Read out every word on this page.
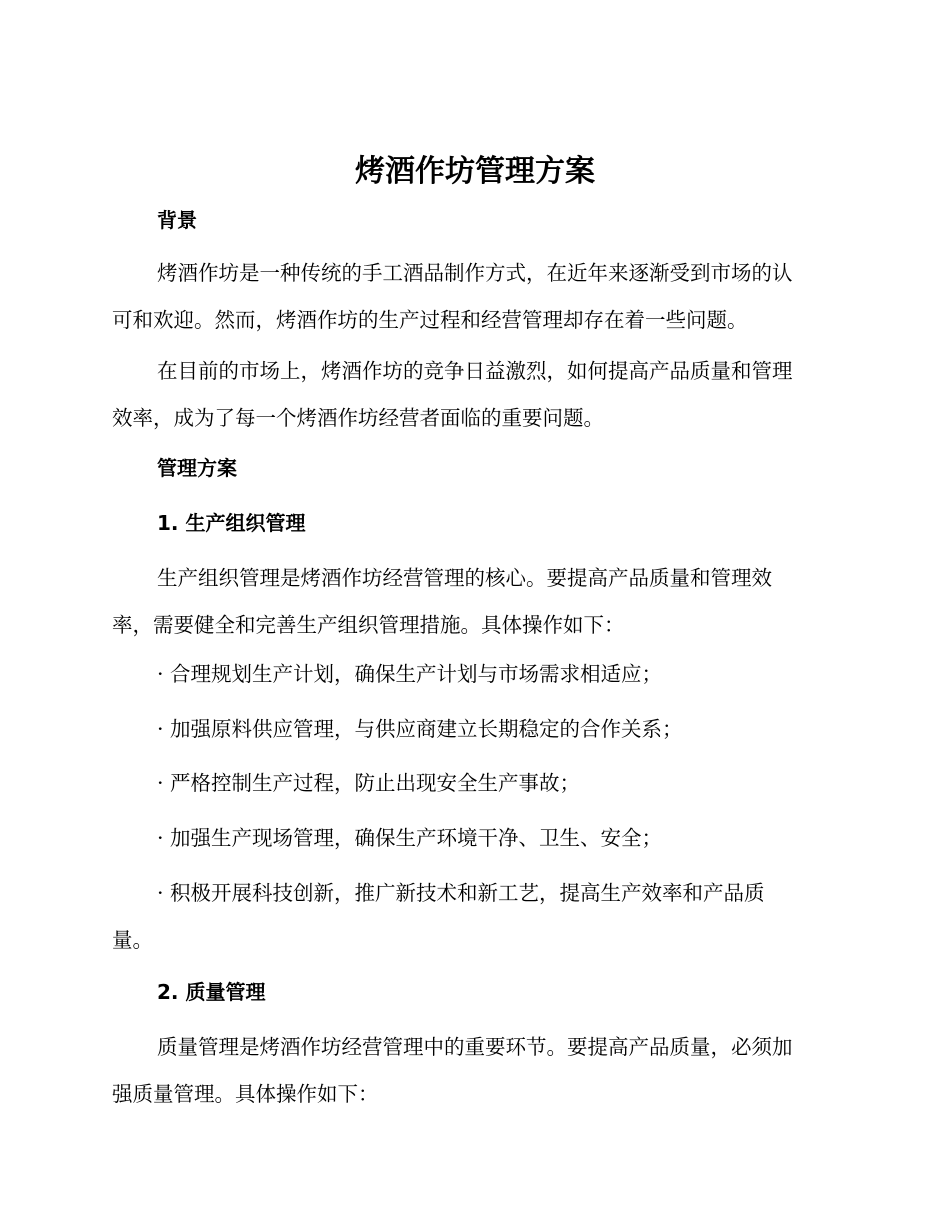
烤酒作坊管理方案
背景

烤酒作坊是一种传统的手工酒品制作方式，在近年来逐渐受到市场的认
可和欢迎。然而，烤酒作坊的生产过程和经营管理却存在着一些问题。

在目前的市场上，烤酒作坊的竞争日益激烈，如何提高产品质量和管理
效率，成为了每一个烤酒作坊经营者面临的重要问题。

管理方案
1. 生产组织管理

生产组织管理是烤酒作坊经营管理的核心。要提高产品质量和管理效
率，需要健全和完善生产组织管理措施。具体操作如下：

· 合理规划生产计划，确保生产计划与市场需求相适应；

· 加强原料供应管理，与供应商建立长期稳定的合作关系；

· 严格控制生产过程，防止出现安全生产事故；

· 加强生产现场管理，确保生产环境干净、卫生、安全；

· 积极开展科技创新，推广新技术和新工艺，提高生产效率和产品质
量。

2. 质量管理

质量管理是烤酒作坊经营管理中的重要环节。要提高产品质量，必须加
强质量管理。具体操作如下：
